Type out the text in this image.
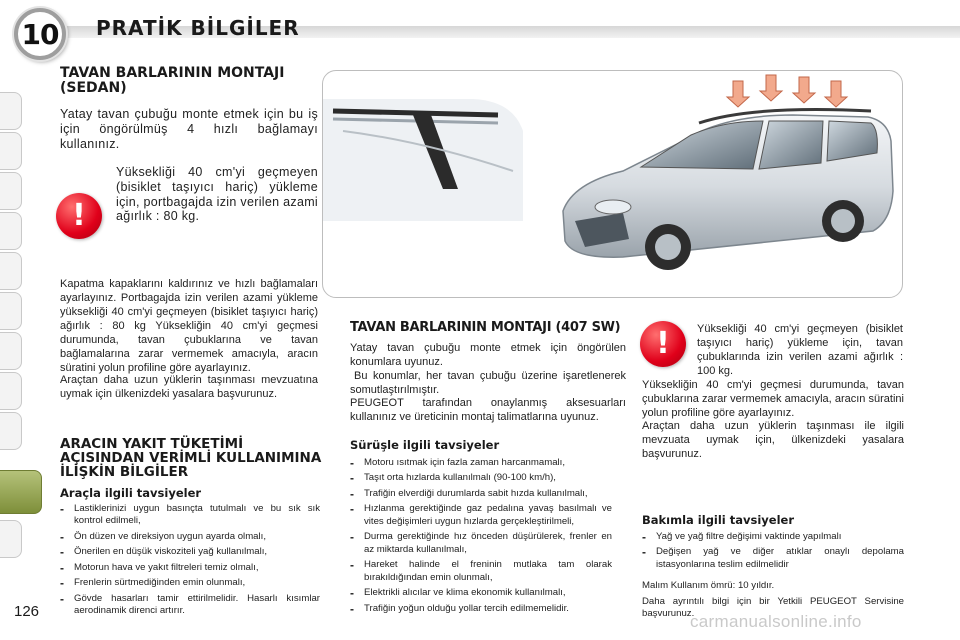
10 PRATİK BİLGİLER
TAVAN BARLARININ MONTAJI (SEDAN)
Yatay tavan çubuğu monte etmek için bu iş için öngörülmüş 4 hızlı bağlamayı kullanınız.
!
Yüksekliği 40 cm'yi geçmeyen (bisiklet taşıyıcı hariç) yükleme için, portbagajda izin verilen azami ağırlık : 80 kg.
Kapatma kapaklarını kaldırınız ve hızlı bağlamaları ayarlayınız. Portbagajda izin verilen azami yükleme yüksekliği 40 cm'yi geçmeyen (bisiklet taşıyıcı hariç) ağırlık : 80 kg Yüksekliğin 40 cm'yi geçmesi durumunda, tavan çubuklarına ve tavan bağlamalarına zarar vermemek amacıyla, aracın süratini yolun profiline göre ayarlayınız.
Araçtan daha uzun yüklerin taşınması mevzuatına uymak için ülkenizdeki yasalara başvurunuz.
ARACIN YAKIT TÜKETİMİ AÇISINDAN VERİMLİ KULLANIMINA İLİŞKİN BİLGİLER
Araçla ilgili tavsiyeler
- Lastiklerinizi uygun basınçta tutulmalı ve bu sık sık kontrol edilmeli,
- Ön düzen ve direksiyon uygun ayarda olmalı,
- Önerilen en düşük viskoziteli yağ kullanılmalı,
- Motorun hava ve yakıt filtreleri temiz olmalı,
- Frenlerin sürtmediğinden emin olunmalı,
- Gövde hasarları tamir ettirilmelidir. Hasarlı kısımlar aerodinamik direnci artırır.
TAVAN BARLARININ MONTAJI (407 SW)
Yatay tavan çubuğu monte etmek için öngörülen konumlara uyunuz.
Bu konumlar, her tavan çubuğu üzerine işaretlenerek somutlaştırılmıştır.
PEUGEOT tarafından onaylanmış aksesuarları kullanınız ve üreticinin montaj talimatlarına uyunuz.
Sürüşle ilgili tavsiyeler
- Motoru ısıtmak için fazla zaman harcanmamalı,
- Taşıt orta hızlarda kullanılmalı (90-100 km/h),
- Trafiğin elverdiği durumlarda sabit hızda kullanılmalı,
- Hızlanma gerektiğinde gaz pedalına yavaş basılmalı ve vites değişimleri uygun hızlarda gerçekleştirilmeli,
- Durma gerektiğinde hız önceden düşürülerek, frenler en az miktarda kullanılmalı,
- Hareket halinde el freninin mutlaka tam olarak bırakıldığından emin olunmalı,
- Elektrikli alıcılar ve klima ekonomik kullanılmalı,
- Trafiğin yoğun olduğu yollar tercih edilmemelidir.
! Yüksekliği 40 cm'yi geçmeyen (bisiklet taşıyıcı hariç) yükleme için, tavan çubuklarında izin verilen azami ağırlık : 100 kg.
Yüksekliğin 40 cm'yi geçmesi durumunda, tavan çubuklarına zarar vermemek amacıyla, aracın süratini yolun profiline göre ayarlayınız.
Araçtan daha uzun yüklerin taşınması ile ilgili mevzuata uymak için, ülkenizdeki yasalara başvurunuz.
Bakımla ilgili tavsiyeler
- Yağ ve yağ filtre değişimi vaktinde yapılmalı
- Değişen yağ ve diğer atıklar onaylı depolama istasyonlarına teslim edilmelidir
Malım Kullanım ömrü: 10 yıldır.
Daha ayrıntılı bilgi için bir Yetkili PEUGEOT Servisine başvurunuz.
126
carmanualsonline.info
